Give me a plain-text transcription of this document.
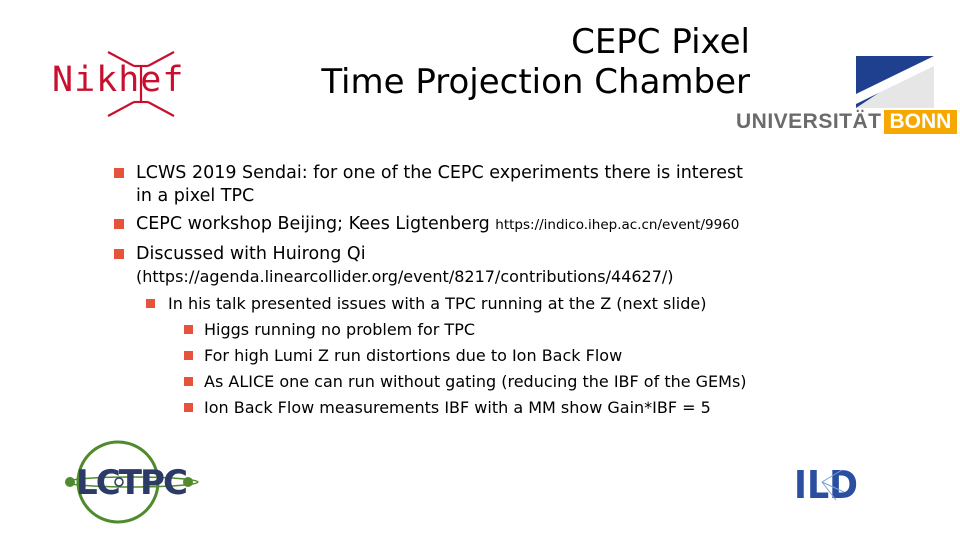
Nikhef
CEPC Pixel
Time Projection Chamber
UNIVERSITÄT BONN
LCWS 2019 Sendai: for one of the CEPC experiments there is interest
in a pixel TPC
CEPC workshop Beijing; Kees Ligtenberg https://indico.ihep.ac.cn/event/9960
Discussed with Huirong Qi
(https://agenda.linearcollider.org/event/8217/contributions/44627/)
In his talk presented issues with a TPC running at the Z (next slide)
Higgs running no problem for TPC
For high Lumi Z run distortions due to Ion Back Flow
As ALICE one can run without gating (reducing the IBF of the GEMs)
Ion Back Flow measurements IBF with a MM show Gain*IBF = 5
LCTPC	ILD
